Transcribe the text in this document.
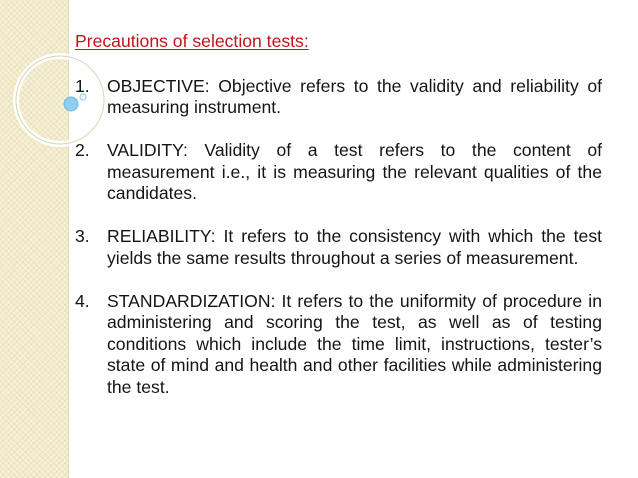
Precautions of selection tests:
1. OBJECTIVE: Objective refers to the validity and reliability of measuring instrument.
2. VALIDITY: Validity of a test refers to the content of measurement i.e., it is measuring the relevant qualities of the candidates.
3. RELIABILITY: It refers to the consistency with which the test yields the same results throughout a series of measurement.
4. STANDARDIZATION: It refers to the uniformity of procedure in administering and scoring the test, as well as of testing conditions which include the time limit, instructions, tester’s state of mind and health and other facilities while administering the test.
